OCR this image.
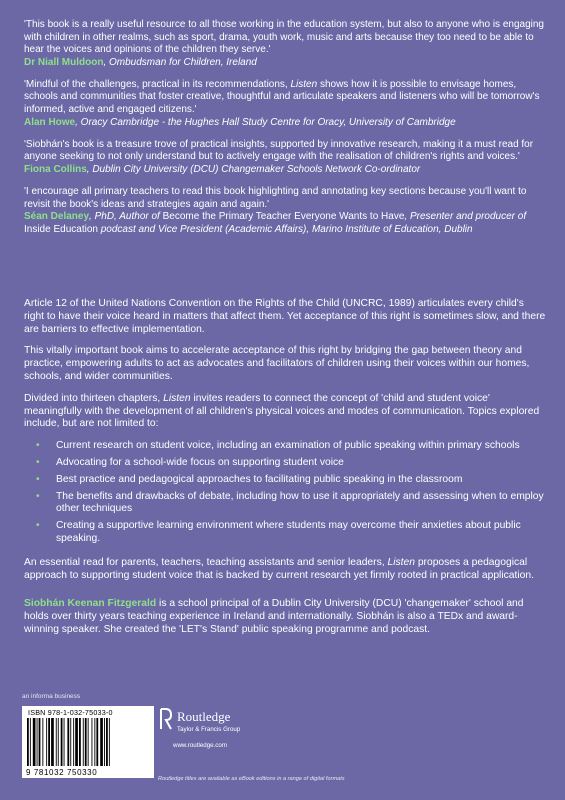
'This book is a really useful resource to all those working in the education system, but also to anyone who is engaging with children in other realms, such as sport, drama, youth work, music and arts because they too need to be able to hear the voices and opinions of the children they serve.'

Dr Niall Muldoon, Ombudsman for Children, Ireland

'Mindful of the challenges, practical in its recommendations, Listen shows how it is possible to envisage homes, schools and communities that foster creative, thoughtful and articulate speakers and listeners who will be tomorrow's informed, active and engaged citizens.'

Alan Howe, Oracy Cambridge - the Hughes Hall Study Centre for Oracy, University of Cambridge

'Siobhán's book is a treasure trove of practical insights, supported by innovative research, making it a must read for anyone seeking to not only understand but to actively engage with the realisation of children's rights and voices.'

Fiona Collins, Dublin City University (DCU) Changemaker Schools Network Co-ordinator

'I encourage all primary teachers to read this book highlighting and annotating key sections because you'll want to revisit the book's ideas and strategies again and again.'

Séan Delaney, PhD, Author of Become the Primary Teacher Everyone Wants to Have, Presenter and producer of Inside Education podcast and Vice President (Academic Affairs), Marino Institute of Education, Dublin

Article 12 of the United Nations Convention on the Rights of the Child (UNCRC, 1989) articulates every child's right to have their voice heard in matters that affect them. Yet acceptance of this right is sometimes slow, and there are barriers to effective implementation.

This vitally important book aims to accelerate acceptance of this right by bridging the gap between theory and practice, empowering adults to act as advocates and facilitators of children using their voices within our homes, schools, and wider communities.

Divided into thirteen chapters, Listen invites readers to connect the concept of 'child and student voice' meaningfully with the development of all children's physical voices and modes of communication. Topics explored include, but are not limited to:

• Current research on student voice, including an examination of public speaking within primary schools
• Advocating for a school-wide focus on supporting student voice
• Best practice and pedagogical approaches to facilitating public speaking in the classroom
• The benefits and drawbacks of debate, including how to use it appropriately and assessing when to employ other techniques
• Creating a supportive learning environment where students may overcome their anxieties about public speaking.

An essential read for parents, teachers, teaching assistants and senior leaders, Listen proposes a pedagogical approach to supporting student voice that is backed by current research yet firmly rooted in practical application.

Siobhán Keenan Fitzgerald is a school principal of a Dublin City University (DCU) 'changemaker' school and holds over thirty years teaching experience in Ireland and internationally. Siobhán is also a TEDx and award-winning speaker. She created the 'LET's Stand' public speaking programme and podcast.

an informa business
ISBN 978-1-032-75033-0
9 781032 750330
Routledge
Taylor & Francis Group
www.routledge.com
Routledge titles are available as eBook editions in a range of digital formats
